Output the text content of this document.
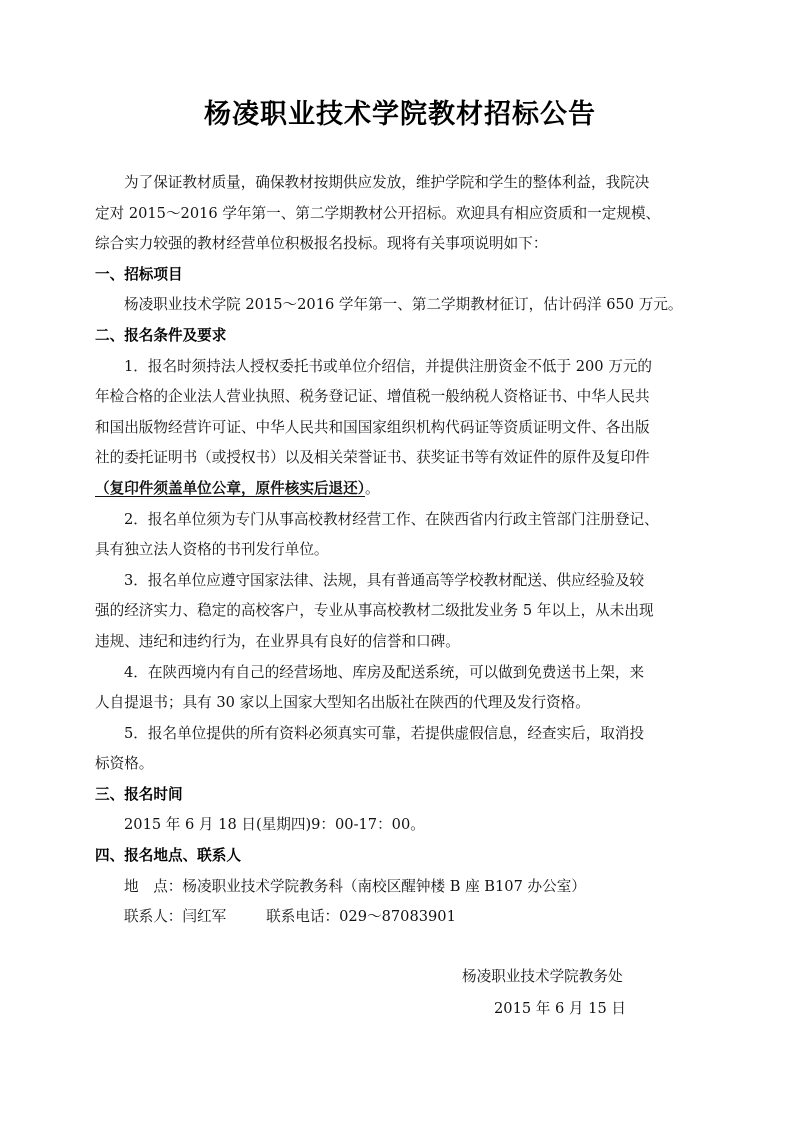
杨凌职业技术学院教材招标公告
为了保证教材质量，确保教材按期供应发放，维护学院和学生的整体利益，我院决
定对 2015～2016 学年第一、第二学期教材公开招标。欢迎具有相应资质和一定规模、
综合实力较强的教材经营单位积极报名投标。现将有关事项说明如下：
一、招标项目
杨凌职业技术学院 2015～2016 学年第一、第二学期教材征订，估计码洋 650 万元。
二、报名条件及要求
1．报名时须持法人授权委托书或单位介绍信，并提供注册资金不低于 200 万元的
年检合格的企业法人营业执照、税务登记证、增值税一般纳税人资格证书、中华人民共
和国出版物经营许可证、中华人民共和国国家组织机构代码证等资质证明文件、各出版
社的委托证明书（或授权书）以及相关荣誉证书、获奖证书等有效证件的原件及复印件
（复印件须盖单位公章，原件核实后退还）。
2．报名单位须为专门从事高校教材经营工作、在陕西省内行政主管部门注册登记、
具有独立法人资格的书刊发行单位。
3．报名单位应遵守国家法律、法规，具有普通高等学校教材配送、供应经验及较
强的经济实力、稳定的高校客户，专业从事高校教材二级批发业务 5 年以上，从未出现
违规、违纪和违约行为，在业界具有良好的信誉和口碑。
4．在陕西境内有自己的经营场地、库房及配送系统，可以做到免费送书上架，来
人自提退书；具有 30 家以上国家大型知名出版社在陕西的代理及发行资格。
5．报名单位提供的所有资料必须真实可靠，若提供虚假信息，经查实后，取消投
标资格。
三、报名时间
2015 年 6 月 18 日(星期四)9：00-17：00。
四、报名地点、联系人
地　点：杨凌职业技术学院教务科（南校区醒钟楼 B 座 B107 办公室）
联系人：闫红军	联系电话：029～87083901
杨凌职业技术学院教务处
2015 年 6 月 15 日
